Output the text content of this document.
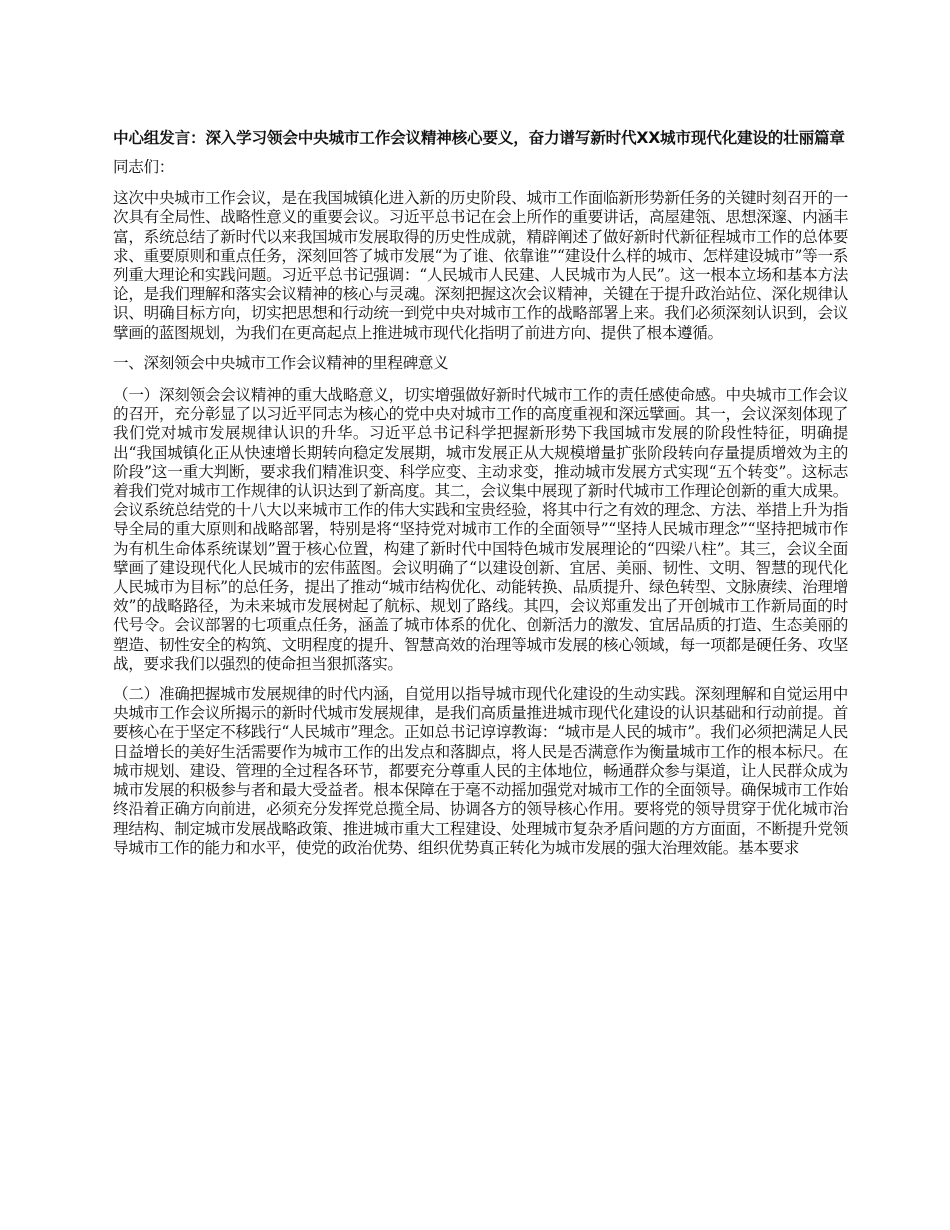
中心组发言：深入学习领会中央城市工作会议精神核心要义，奋力谱写新时代XX城市现代化建设的壮丽篇章

同志们：

这次中央城市工作会议，是在我国城镇化进入新的历史阶段、城市工作面临新形势新任务的关键时刻召开的一次具有全局性、战略性意义的重要会议。习近平总书记在会上所作的重要讲话，高屋建瓴、思想深邃、内涵丰富，系统总结了新时代以来我国城市发展取得的历史性成就，精辟阐述了做好新时代新征程城市工作的总体要求、重要原则和重点任务，深刻回答了城市发展“为了谁、依靠谁”“建设什么样的城市、怎样建设城市”等一系列重大理论和实践问题。习近平总书记强调：“人民城市人民建、人民城市为人民”。这一根本立场和基本方法论，是我们理解和落实会议精神的核心与灵魂。深刻把握这次会议精神，关键在于提升政治站位、深化规律认识、明确目标方向，切实把思想和行动统一到党中央对城市工作的战略部署上来。我们必须深刻认识到，会议擘画的蓝图规划，为我们在更高起点上推进城市现代化指明了前进方向、提供了根本遵循。

一、深刻领会中央城市工作会议精神的里程碑意义

（一）深刻领会会议精神的重大战略意义，切实增强做好新时代城市工作的责任感使命感。中央城市工作会议的召开，充分彰显了以习近平同志为核心的党中央对城市工作的高度重视和深远擘画。其一，会议深刻体现了我们党对城市发展规律认识的升华。习近平总书记科学把握新形势下我国城市发展的阶段性特征，明确提出“我国城镇化正从快速增长期转向稳定发展期，城市发展正从大规模增量扩张阶段转向存量提质增效为主的阶段”这一重大判断，要求我们精准识变、科学应变、主动求变，推动城市发展方式实现“五个转变”。这标志着我们党对城市工作规律的认识达到了新高度。其二，会议集中展现了新时代城市工作理论创新的重大成果。会议系统总结党的十八大以来城市工作的伟大实践和宝贵经验，将其中行之有效的理念、方法、举措上升为指导全局的重大原则和战略部署，特别是将“坚持党对城市工作的全面领导”“坚持人民城市理念”“坚持把城市作为有机生命体系统谋划”置于核心位置，构建了新时代中国特色城市发展理论的“四梁八柱”。其三，会议全面擘画了建设现代化人民城市的宏伟蓝图。会议明确了“以建设创新、宜居、美丽、韧性、文明、智慧的现代化人民城市为目标”的总任务，提出了推动“城市结构优化、动能转换、品质提升、绿色转型、文脉赓续、治理增效”的战略路径，为未来城市发展树起了航标、规划了路线。其四，会议郑重发出了开创城市工作新局面的时代号令。会议部署的七项重点任务，涵盖了城市体系的优化、创新活力的激发、宜居品质的打造、生态美丽的塑造、韧性安全的构筑、文明程度的提升、智慧高效的治理等城市发展的核心领域，每一项都是硬任务、攻坚战，要求我们以强烈的使命担当狠抓落实。

（二）准确把握城市发展规律的时代内涵，自觉用以指导城市现代化建设的生动实践。深刻理解和自觉运用中央城市工作会议所揭示的新时代城市发展规律，是我们高质量推进城市现代化建设的认识基础和行动前提。首要核心在于坚定不移践行“人民城市”理念。正如总书记谆谆教诲：“城市是人民的城市”。我们必须把满足人民日益增长的美好生活需要作为城市工作的出发点和落脚点，将人民是否满意作为衡量城市工作的根本标尺。在城市规划、建设、管理的全过程各环节，都要充分尊重人民的主体地位，畅通群众参与渠道，让人民群众成为城市发展的积极参与者和最大受益者。根本保障在于毫不动摇加强党对城市工作的全面领导。确保城市工作始终沿着正确方向前进，必须充分发挥党总揽全局、协调各方的领导核心作用。要将党的领导贯穿于优化城市治理结构、制定城市发展战略政策、推进城市重大工程建设、处理城市复杂矛盾问题的方方面面，不断提升党领导城市工作的能力和水平，使党的政治优势、组织优势真正转化为城市发展的强大治理效能。基本要求
